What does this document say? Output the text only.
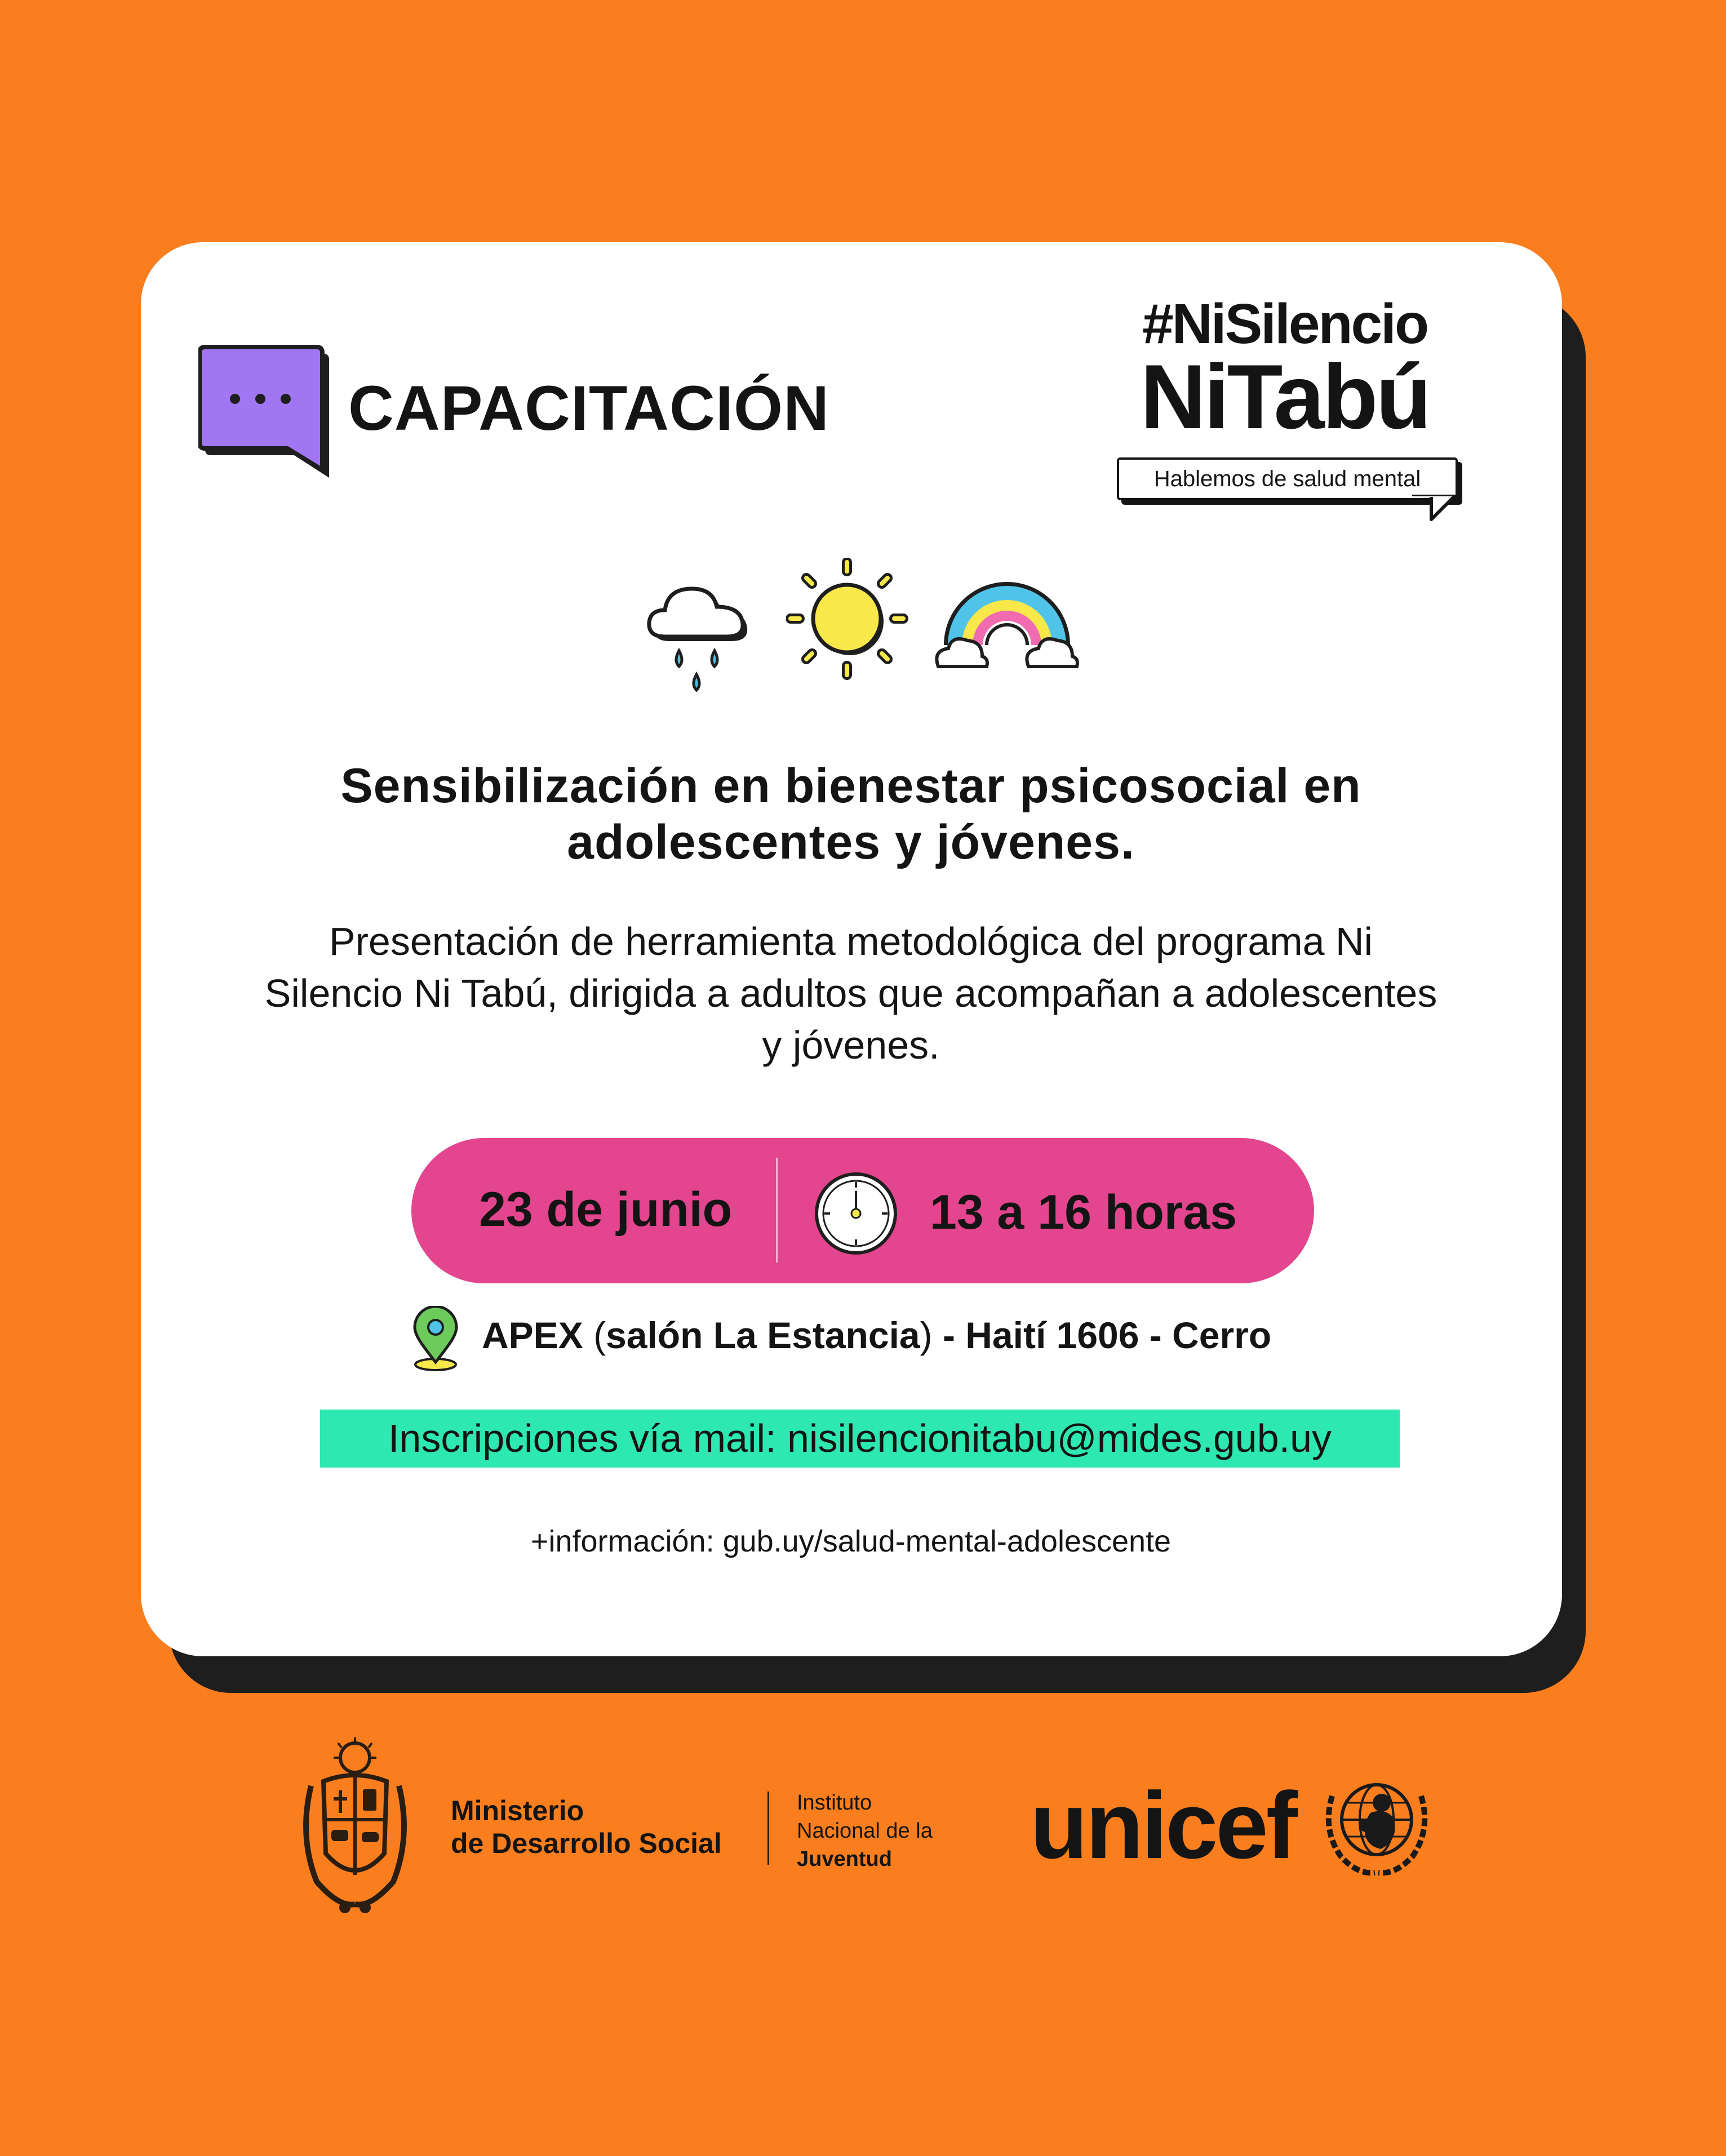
CAPACITACIÓN
#NiSilencio
NiTabú
Hablemos de salud mental
Sensibilización en bienestar psicosocial en
adolescentes y jóvenes.
Presentación de herramienta metodológica del programa Ni
Silencio Ni Tabú, dirigida a adultos que acompañan a adolescentes
y jóvenes.
23 de junio	13 a 16 horas
APEX (salón La Estancia) - Haití 1606 - Cerro
Inscripciones vía mail: nisilencionitabu@mides.gub.uy
+información: gub.uy/salud-mental-adolescente
Ministerio
de Desarrollo Social
Instituto
Nacional de la
Juventud	unicef
